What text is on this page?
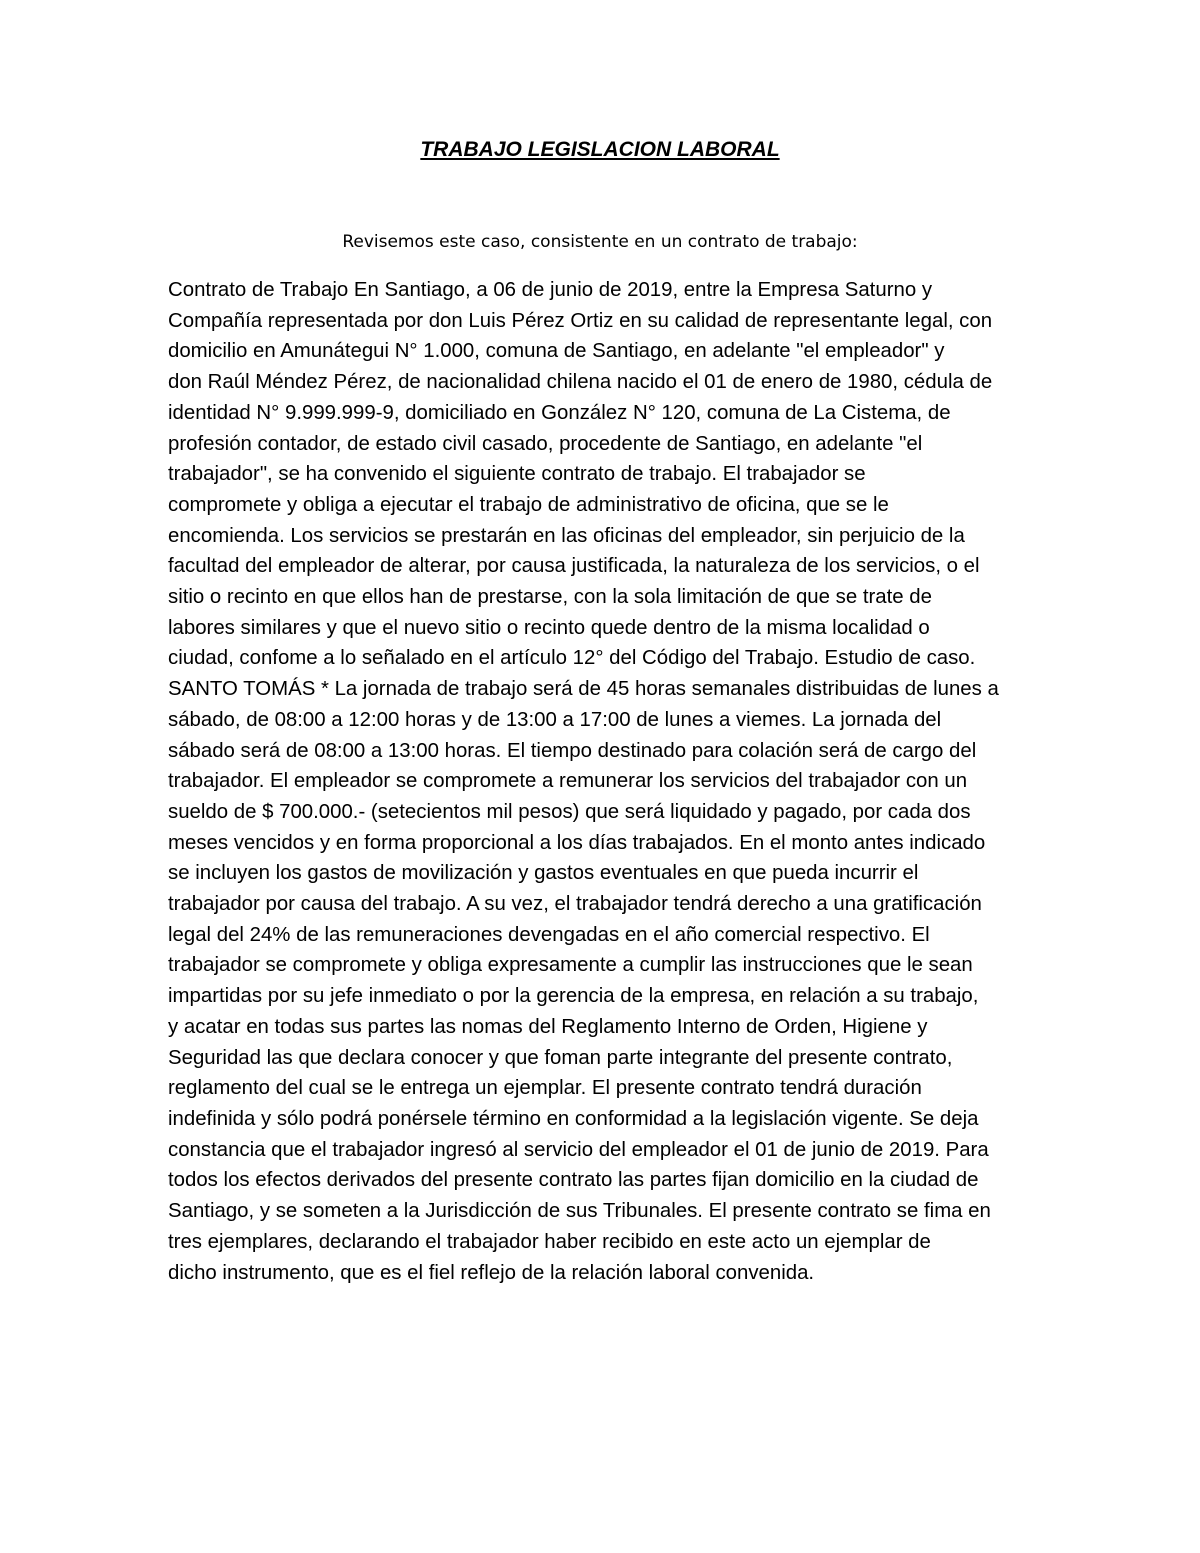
TRABAJO LEGISLACION LABORAL

Revisemos este caso, consistente en un contrato de trabajo:

Contrato de Trabajo En Santiago, a 06 de junio de 2019, entre la Empresa Saturno y
Compañía representada por don Luis Pérez Ortiz en su calidad de representante legal, con
domicilio en Amunátegui N° 1.000, comuna de Santiago, en adelante "el empleador" y
don Raúl Méndez Pérez, de nacionalidad chilena nacido el 01 de enero de 1980, cédula de
identidad N° 9.999.999-9, domiciliado en González N° 120, comuna de La Cistema, de
profesión contador, de estado civil casado, procedente de Santiago, en adelante "el
trabajador", se ha convenido el siguiente contrato de trabajo. El trabajador se
compromete y obliga a ejecutar el trabajo de administrativo de oficina, que se le
encomienda. Los servicios se prestarán en las oficinas del empleador, sin perjuicio de la
facultad del empleador de alterar, por causa justificada, la naturaleza de los servicios, o el
sitio o recinto en que ellos han de prestarse, con la sola limitación de que se trate de
labores similares y que el nuevo sitio o recinto quede dentro de la misma localidad o
ciudad, confome a lo señalado en el artículo 12° del Código del Trabajo. Estudio de caso.
SANTO TOMÁS * La jornada de trabajo será de 45 horas semanales distribuidas de lunes a
sábado, de 08:00 a 12:00 horas y de 13:00 a 17:00 de lunes a viemes. La jornada del
sábado será de 08:00 a 13:00 horas. El tiempo destinado para colación será de cargo del
trabajador. El empleador se compromete a remunerar los servicios del trabajador con un
sueldo de $ 700.000.- (setecientos mil pesos) que será liquidado y pagado, por cada dos
meses vencidos y en forma proporcional a los días trabajados. En el monto antes indicado
se incluyen los gastos de movilización y gastos eventuales en que pueda incurrir el
trabajador por causa del trabajo. A su vez, el trabajador tendrá derecho a una gratificación
legal del 24% de las remuneraciones devengadas en el año comercial respectivo. El
trabajador se compromete y obliga expresamente a cumplir las instrucciones que le sean
impartidas por su jefe inmediato o por la gerencia de la empresa, en relación a su trabajo,
y acatar en todas sus partes las nomas del Reglamento Interno de Orden, Higiene y
Seguridad las que declara conocer y que foman parte integrante del presente contrato,
reglamento del cual se le entrega un ejemplar. El presente contrato tendrá duración
indefinida y sólo podrá ponérsele término en conformidad a la legislación vigente. Se deja
constancia que el trabajador ingresó al servicio del empleador el 01 de junio de 2019. Para
todos los efectos derivados del presente contrato las partes fijan domicilio en la ciudad de
Santiago, y se someten a la Jurisdicción de sus Tribunales. El presente contrato se fima en
tres ejemplares, declarando el trabajador haber recibido en este acto un ejemplar de
dicho instrumento, que es el fiel reflejo de la relación laboral convenida.
